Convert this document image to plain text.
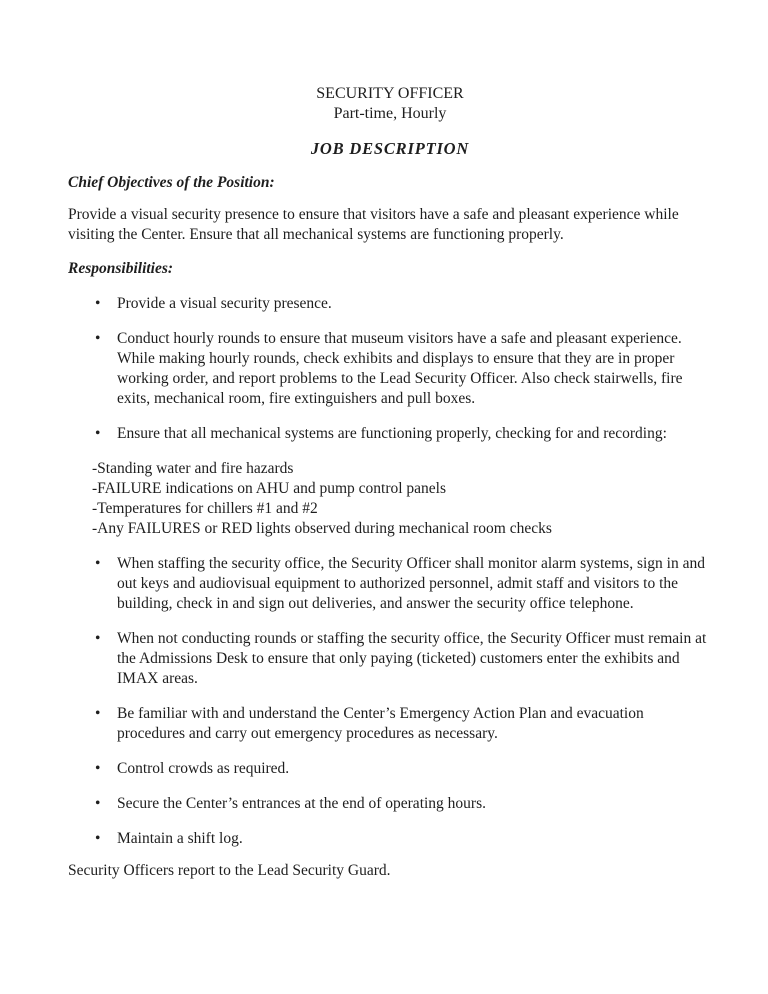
SECURITY OFFICER
Part-time, Hourly
JOB DESCRIPTION
Chief Objectives of the Position:

Provide a visual security presence to ensure that visitors have a safe and pleasant experience while visiting the Center. Ensure that all mechanical systems are functioning properly.

Responsibilities:
• Provide a visual security presence.
• Conduct hourly rounds to ensure that museum visitors have a safe and pleasant experience. While making hourly rounds, check exhibits and displays to ensure that they are in proper working order, and report problems to the Lead Security Officer. Also check stairwells, fire exits, mechanical room, fire extinguishers and pull boxes.
• Ensure that all mechanical systems are functioning properly, checking for and recording:
-Standing water and fire hazards
-FAILURE indications on AHU and pump control panels
-Temperatures for chillers #1 and #2
-Any FAILURES or RED lights observed during mechanical room checks
• When staffing the security office, the Security Officer shall monitor alarm systems, sign in and out keys and audiovisual equipment to authorized personnel, admit staff and visitors to the building, check in and sign out deliveries, and answer the security office telephone.
• When not conducting rounds or staffing the security office, the Security Officer must remain at the Admissions Desk to ensure that only paying (ticketed) customers enter the exhibits and IMAX areas.
• Be familiar with and understand the Center’s Emergency Action Plan and evacuation procedures and carry out emergency procedures as necessary.
• Control crowds as required.
• Secure the Center’s entrances at the end of operating hours.
• Maintain a shift log.

Security Officers report to the Lead Security Guard.
